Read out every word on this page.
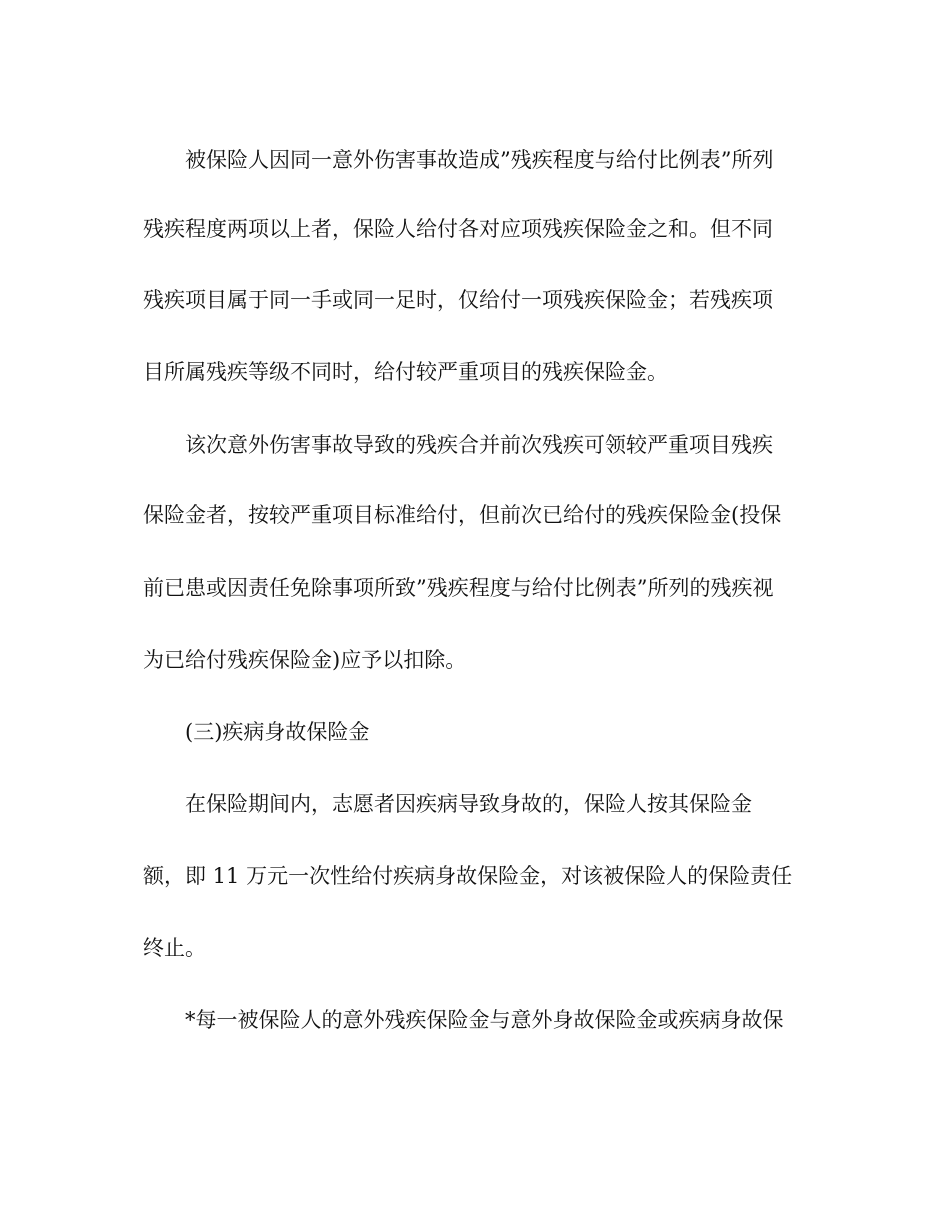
被保险人因同一意外伤害事故造成”残疾程度与给付比例表”所列
残疾程度两项以上者，保险人给付各对应项残疾保险金之和。但不同
残疾项目属于同一手或同一足时，仅给付一项残疾保险金；若残疾项
目所属残疾等级不同时，给付较严重项目的残疾保险金。
该次意外伤害事故导致的残疾合并前次残疾可领较严重项目残疾
保险金者，按较严重项目标准给付，但前次已给付的残疾保险金(投保
前已患或因责任免除事项所致”残疾程度与给付比例表”所列的残疾视
为已给付残疾保险金)应予以扣除。
(三)疾病身故保险金
在保险期间内，志愿者因疾病导致身故的，保险人按其保险金
额，即 11 万元一次性给付疾病身故保险金，对该被保险人的保险责任
终止。
*每一被保险人的意外残疾保险金与意外身故保险金或疾病身故保
